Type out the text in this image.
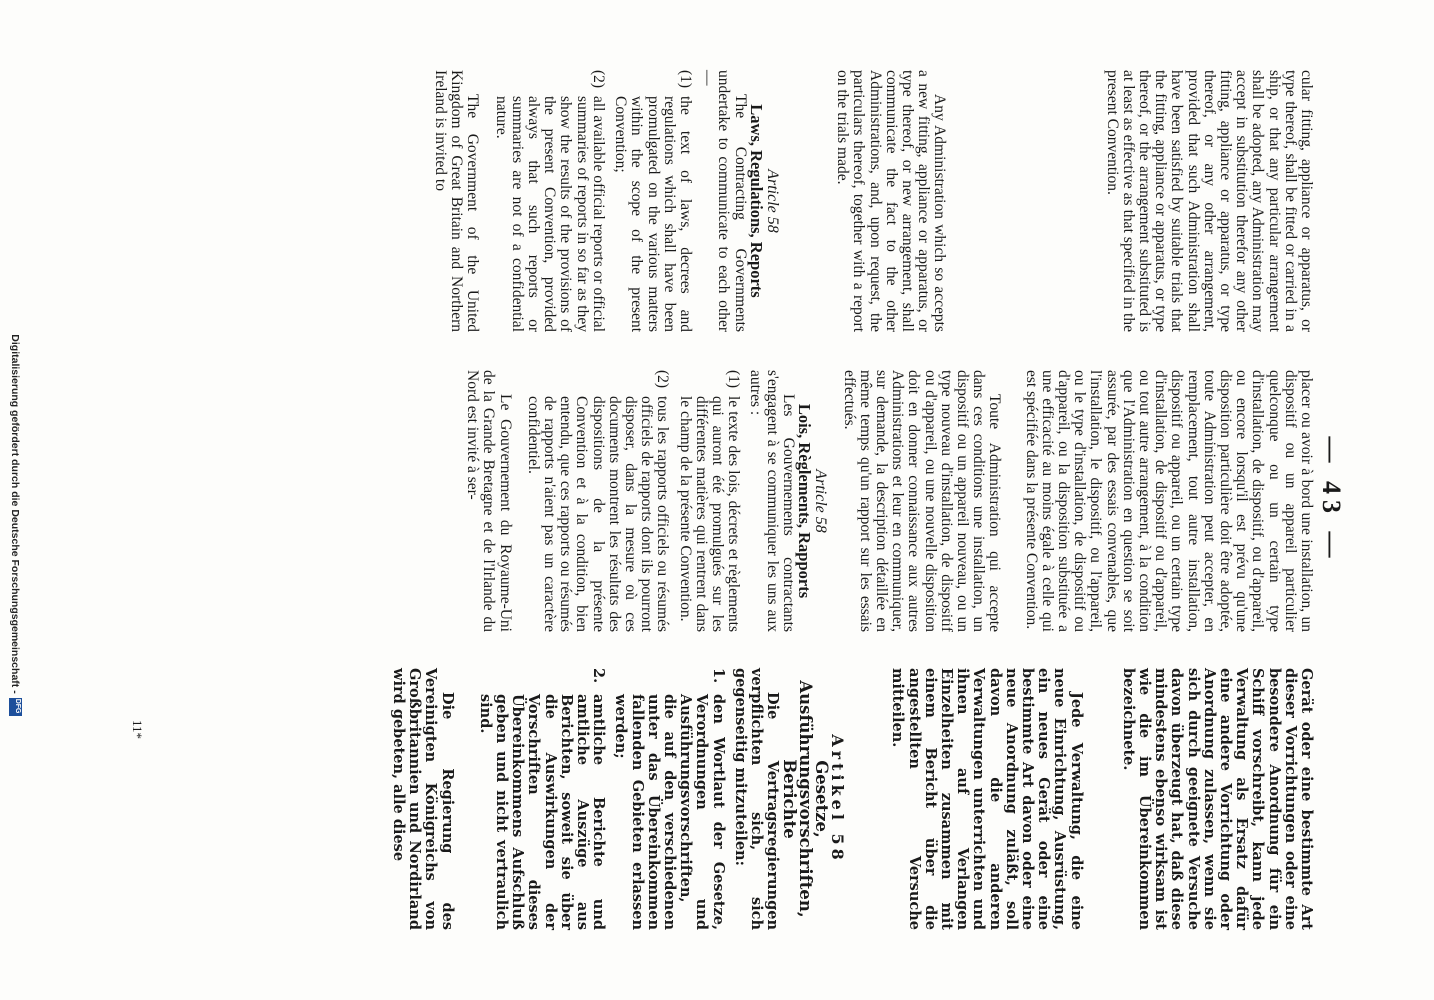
— 43 —

cular fitting, appliance or apparatus, or type thereof, shall be fitted or carried in a ship, or that any particular arrangement shall be adopted, any Administration may accept in substitution therefor any other fitting, appliance or apparatus, or type thereof, or any other arrangement, provided that such Administration shall have been satisfied by suitable trials that the fitting, appliance or apparatus, or type thereof, or the arrangement substituted is at least as effective as that specified in the present Convention.

Any Administration which so accepts a new fitting, appliance or apparatus, or type thereof, or new arrangement, shall communicate the fact to the other Administrations, and, upon request, the particulars thereof, together with a report on the trials made.

Article 58

Laws, Regulations, Reports

The Contracting Governments undertake to communicate to each other—

(1)
the text of laws, decrees and regulations which shall have been promulgated on the various matters within the scope of the present Convention;
(2)
all available official reports or official summaries of reports in so far as they show the results of the provisions of the present Convention, provided always that such reports or summaries are not of a confidential nature.

The Government of the United Kingdom of Great Britain and Northern Ireland is invited to

placer ou avoir à bord une installation, un dispositif ou un appareil particulier quelconque ou un certain type d'installation, de dispositif, ou d'appareil, ou encore lorsqu'il est prévu qu'une disposition particulière doit être adoptée, toute Administration peut accepter, en remplacement, tout autre installation, dispositif ou appareil, ou un certain type d'installation, de dispositif ou d'appareil, ou tout autre arrangement, à la condition que l'Administration en question se soit assurée, par des essais convenables, que l'installation, le dispositif, ou l'appareil, ou le type d'installation, de dispositif ou d'appareil, ou la disposition substituée a une efficacité au moins égale à celle qui est spécifiée dans la présente Convention.

Toute Administration qui accepte dans ces conditions une installation, un dispositif ou un appareil nouveau, ou un type nouveau d'installation, de dispositif ou d'appareil, ou une nouvelle disposition doit en donner connaissance aux autres Administrations et leur en communiquer, sur demande, la description détaillée en même temps qu'un rapport sur les essais effectués.

Article 58

Lois, Règlements, Rapports

Les Gouvernements contractants s'engagent à se communiquer les uns aux autres :

(1)
le texte des lois, décrets et règlements qui auront été promulgués sur les différentes matières qui rentrent dans le champ de la présente Convention.
(2)
tous les rapports officiels ou résumés officiels de rapports dont ils pourront disposer, dans la mesure où ces documents montrent les résultats des dispositions de la présente Convention et à la condition, bien entendu, que ces rapports ou résumés de rapports n'aient pas un caractère confidentiel.

Le Gouvernement du Royaume-Uni de la Grande Bretagne et de l'Irlande du Nord est invité à ser-

Gerät oder eine bestimmte Art dieser Vorrichtungen oder eine besondere Anordnung für ein Schiff vorschreibt, kann jede Verwaltung als Ersatz dafür eine andere Vorrichtung oder Anordnung zulassen, wenn sie sich durch geeignete Versuche davon überzeugt hat, daß diese mindestens ebenso wirksam ist wie die im Übereinkommen bezeichnete.

Jede Verwaltung, die eine neue Einrichtung, Ausrüstung, ein neues Gerät oder eine bestimmte Art davon oder eine neue Anordnung zuläßt, soll davon die anderen Verwaltungen unterrichten und ihnen auf Verlangen Einzelheiten zusammen mit einem Bericht über die angestellten Versuche mitteilen.

Artikel 58

Gesetze, Ausführungsvorschriften, Berichte

Die Vertragsregierungen verpflichten sich, sich gegenseitig mitzuteilen:

1.
den Wortlaut der Gesetze, Verordnungen und Ausführungsvorschriften, die auf den verschiedenen unter das Übereinkommen fallenden Gebieten erlassen werden;
2.
amtliche Berichte und amtliche Auszüge aus Berichten, soweit sie über die Auswirkungen der Vorschriften dieses Übereinkommens Aufschluß geben und nicht vertraulich sind.

Die Regierung des Vereinigten Königreichs von Großbritannien und Nordirland wird gebeten, alle diese

11*
Digitalisierung gefördert durch die Deutsche Forschungsgemeinschaft -
DFG
